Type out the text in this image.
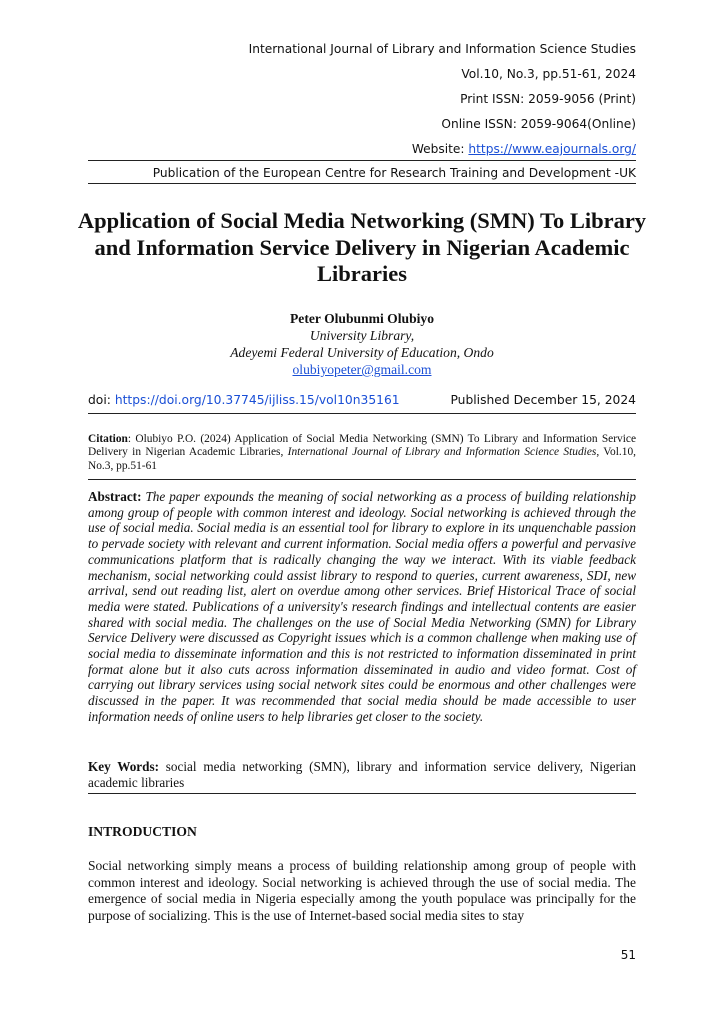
International Journal of Library and Information Science Studies
Vol.10, No.3, pp.51-61, 2024
Print ISSN: 2059-9056 (Print)
Online ISSN: 2059-9064(Online)
Website: https://www.eajournals.org/
Publication of the European Centre for Research Training and Development -UK
Application of Social Media Networking (SMN) To Library and Information Service Delivery in Nigerian Academic Libraries
Peter Olubunmi Olubiyo
University Library,
Adeyemi Federal University of Education, Ondo
olubiyopeter@gmail.com
doi: https://doi.org/10.37745/ijliss.15/vol10n35161	Published December 15, 2024

Citation: Olubiyo P.O. (2024) Application of Social Media Networking (SMN) To Library and Information Service Delivery in Nigerian Academic Libraries, International Journal of Library and Information Science Studies, Vol.10, No.3, pp.51-61

Abstract: The paper expounds the meaning of social networking as a process of building relationship among group of people with common interest and ideology. Social networking is achieved through the use of social media. Social media is an essential tool for library to explore in its unquenchable passion to pervade society with relevant and current information. Social media offers a powerful and pervasive communications platform that is radically changing the way we interact. With its viable feedback mechanism, social networking could assist library to respond to queries, current awareness, SDI, new arrival, send out reading list, alert on overdue among other services. Brief Historical Trace of social media were stated. Publications of a university's research findings and intellectual contents are easier shared with social media. The challenges on the use of Social Media Networking (SMN) for Library Service Delivery were discussed as Copyright issues which is a common challenge when making use of social media to disseminate information and this is not restricted to information disseminated in print format alone but it also cuts across information disseminated in audio and video format. Cost of carrying out library services using social network sites could be enormous and other challenges were discussed in the paper. It was recommended that social media should be made accessible to user information needs of online users to help libraries get closer to the society.

Key Words: social media networking (SMN), library and information service delivery, Nigerian academic libraries

INTRODUCTION

Social networking simply means a process of building relationship among group of people with common interest and ideology. Social networking is achieved through the use of social media. The emergence of social media in Nigeria especially among the youth populace was principally for the purpose of socializing. This is the use of Internet-based social media sites to stay

51
